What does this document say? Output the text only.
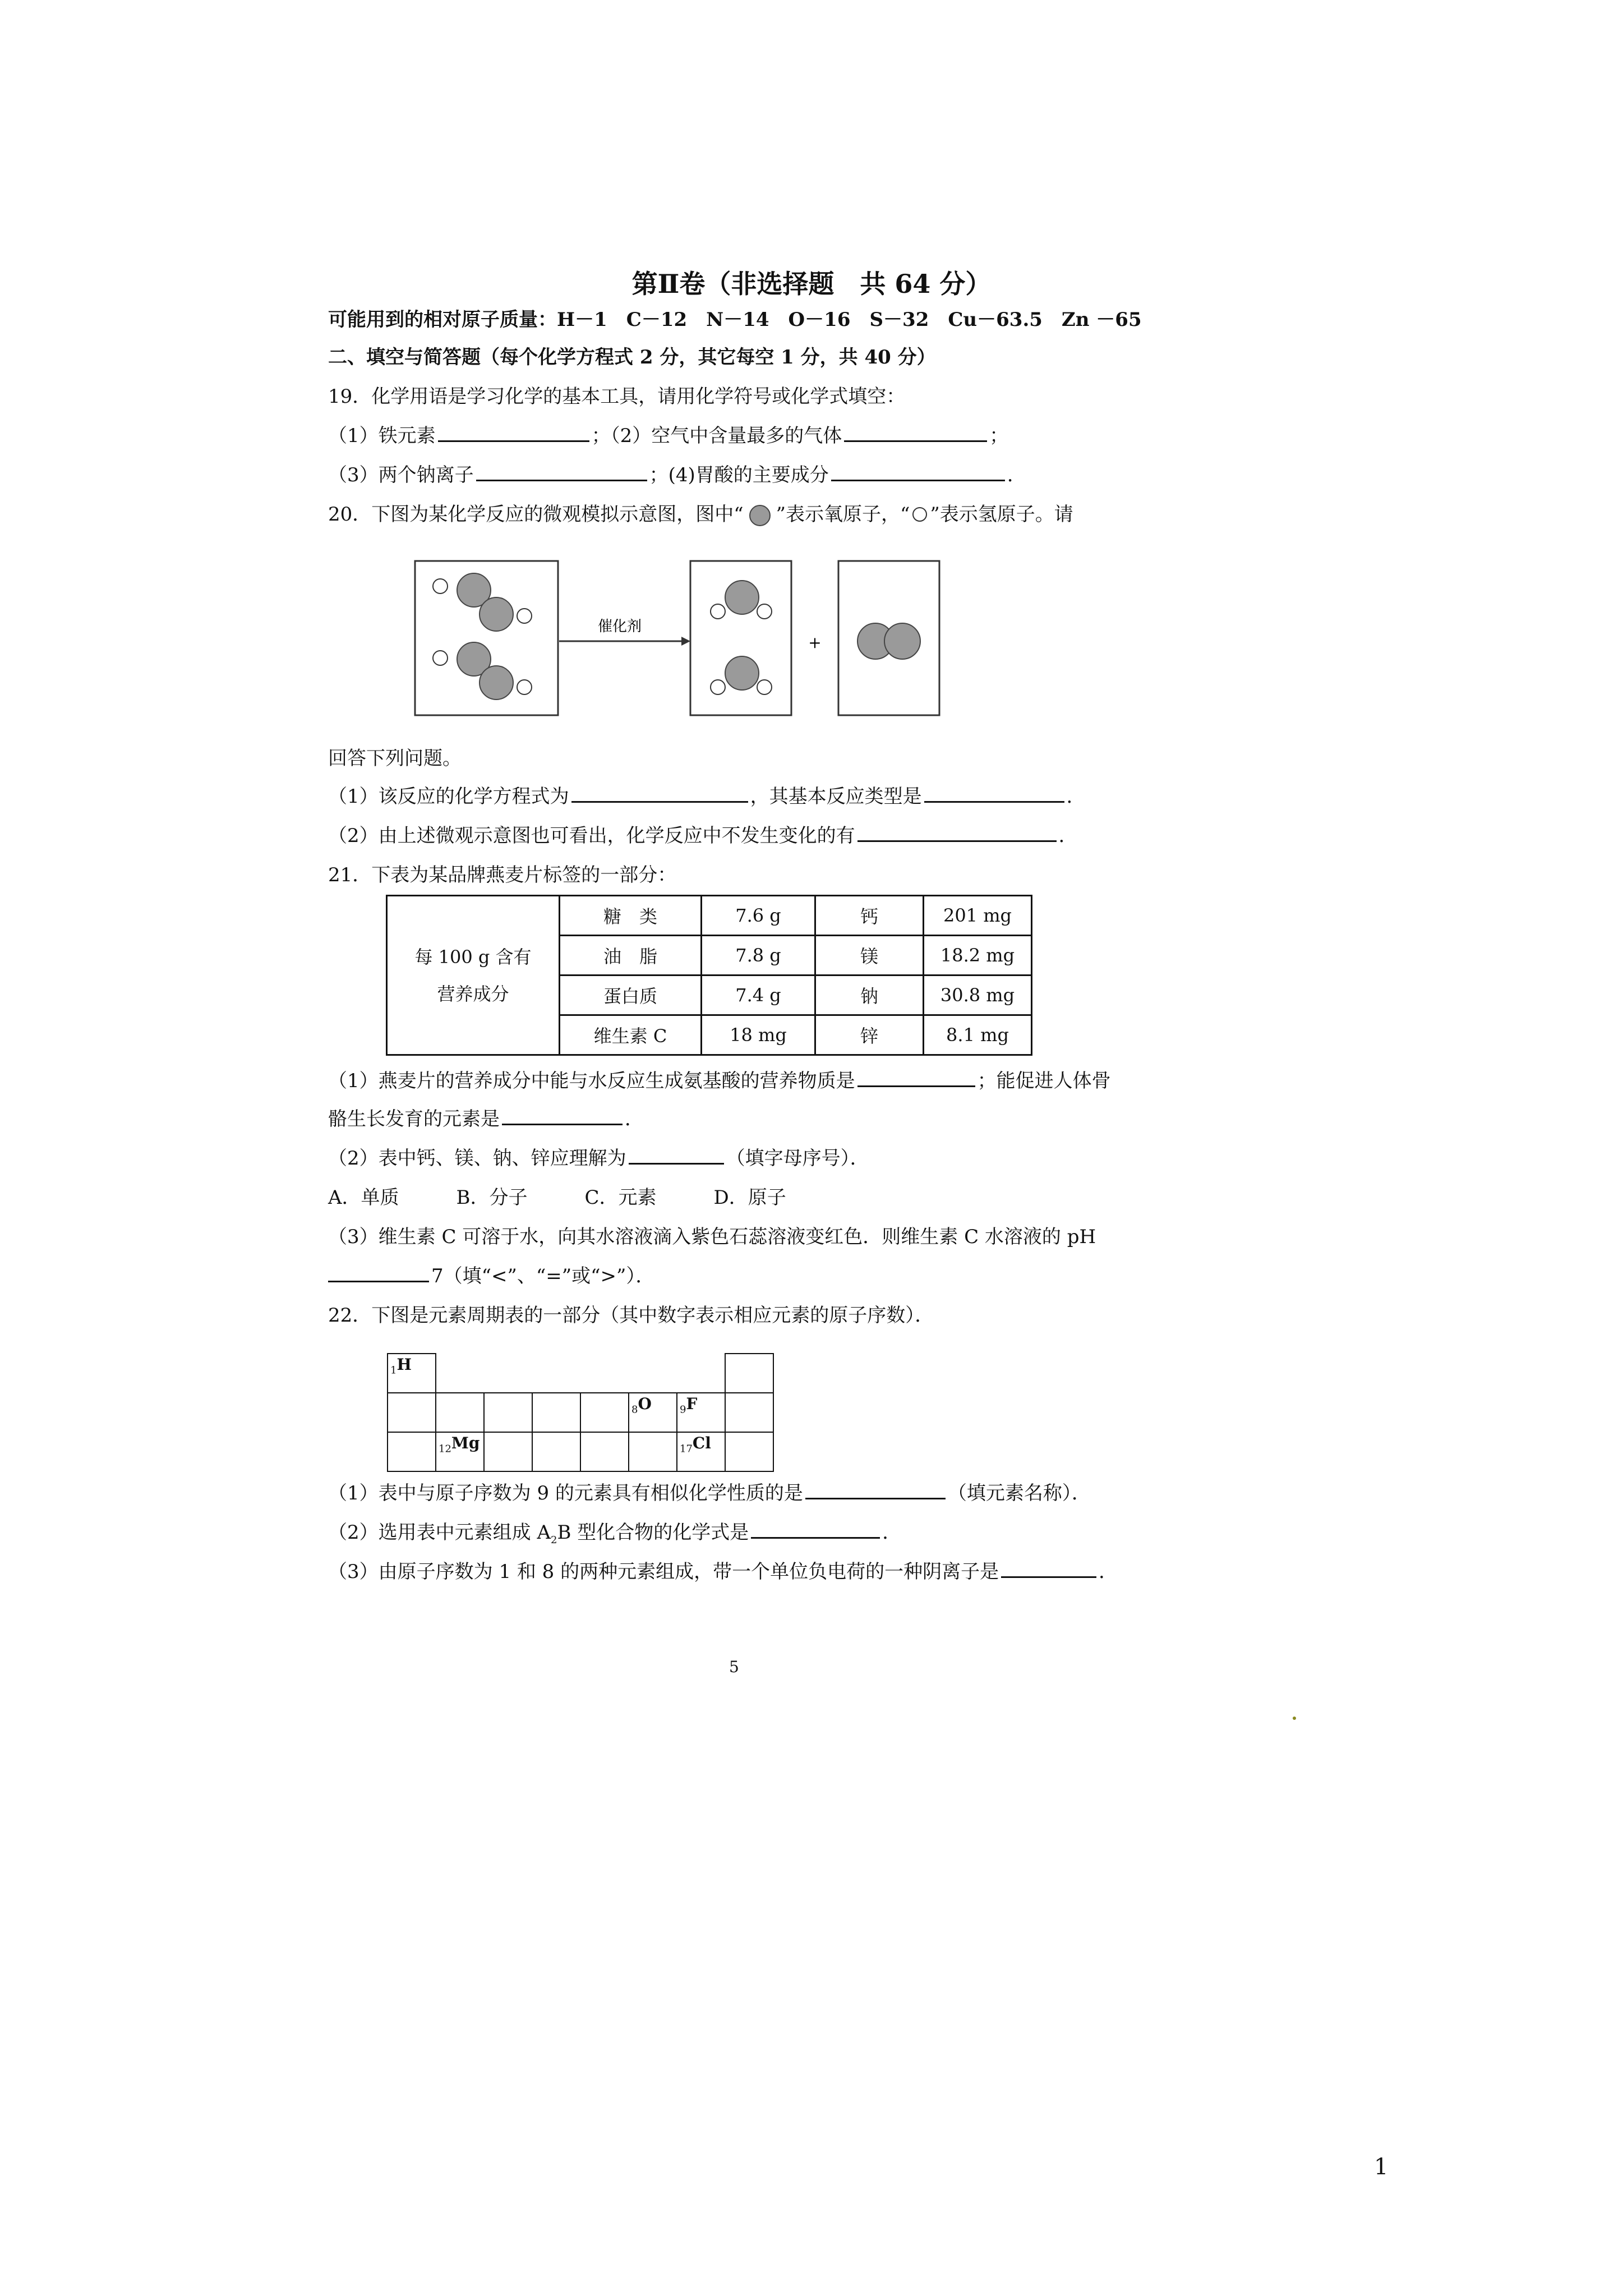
第Ⅱ卷（非选择题　共 64 分）
可能用到的相对原子质量：H－1　C－12　N－14　O－16　S－32　Cu－63.5　Zn －65
二、填空与简答题（每个化学方程式 2 分，其它每空 1 分，共 40 分）
19．化学用语是学习化学的基本工具，请用化学符号或化学式填空：
（1）铁元素	；（2）空气中含量最多的气体	；
（3）两个钠离子	；(4)胃酸的主要成分	．
20．下图为某化学反应的微观模拟示意图，图中“ ”表示氧原子，“ ”表示氢原子。请
催化剂
+
回答下列问题。
（1）该反应的化学方程式为	，其基本反应类型是	．
（2）由上述微观示意图也可看出，化学反应中不发生变化的有	．
21．下表为某品牌燕麦片标签的一部分：
每 100 g 含有
营养成分	糖　类	7.6 g	钙	201 mg
	油　脂	7.8 g	镁	18.2 mg
	蛋白质	7.4 g	钠	30.8 mg
	维生素 C	18 mg	锌	8.1 mg
（1）燕麦片的营养成分中能与水反应生成氨基酸的营养物质是	；能促进人体骨
骼生长发育的元素是	．
（2）表中钙、镁、钠、锌应理解为	（填字母序号）．
A．单质　　　B．分子　　　C．元素　　　D．原子
（3）维生素 C 可溶于水，向其水溶液滴入紫色石蕊溶液变红色．则维生素 C 水溶液的 pH
7（填“<”、“=”或“>”）．
22．下图是元素周期表的一部分（其中数字表示相应元素的原子序数）．
$_1$H							
					$_8$O	$_9$F	
	$_{12}$Mg					$_{17}$Cl	
（1）表中与原子序数为 9 的元素具有相似化学性质的是	（填元素名称）．
（2）选用表中元素组成 $A_2B$ 型化合物的化学式是	．
（3）由原子序数为 1 和 8 的两种元素组成，带一个单位负电荷的一种阴离子是	．
5
1
